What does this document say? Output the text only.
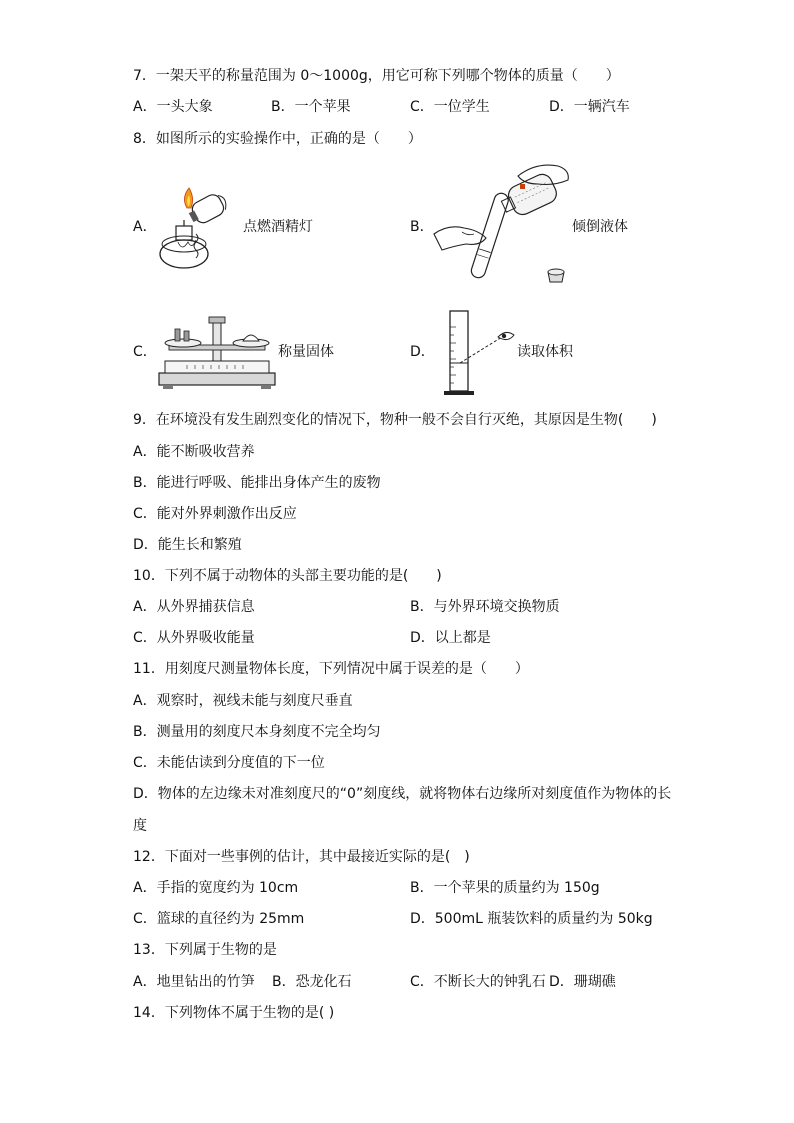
7．一架天平的称量范围为 0～1000g，用它可称下列哪个物体的质量（　　）
A．一头大象	B．一个苹果	C．一位学生	D．一辆汽车
8．如图所示的实验操作中，正确的是（　　）
A．	点燃酒精灯	B．	倾倒液体
C．	称量固体	D．	读取体积
9．在环境没有发生剧烈变化的情况下，物种一般不会自行灭绝，其原因是生物(　　)
A．能不断吸收营养
B．能进行呼吸、能排出身体产生的废物
C．能对外界刺激作出反应
D．能生长和繁殖
10．下列不属于动物体的头部主要功能的是(　　)
A．从外界捕获信息	B．与外界环境交换物质
C．从外界吸收能量	D．以上都是
11．用刻度尺测量物体长度，下列情况中属于误差的是（　　）
A．观察时，视线未能与刻度尺垂直
B．测量用的刻度尺本身刻度不完全均匀
C．未能估读到分度值的下一位
D．物体的左边缘未对准刻度尺的“0”刻度线，就将物体右边缘所对刻度值作为物体的长
度
12．下面对一些事例的估计，其中最接近实际的是(　)
A．手指的宽度约为 10cm	B．一个苹果的质量约为 150g
C．篮球的直径约为 25mm	D．500mL 瓶装饮料的质量约为 50kg
13．下列属于生物的是
A．地里钻出的竹笋 B．恐龙化石	C．不断长大的钟乳石 D．珊瑚礁
14．下列物体不属于生物的是( )
